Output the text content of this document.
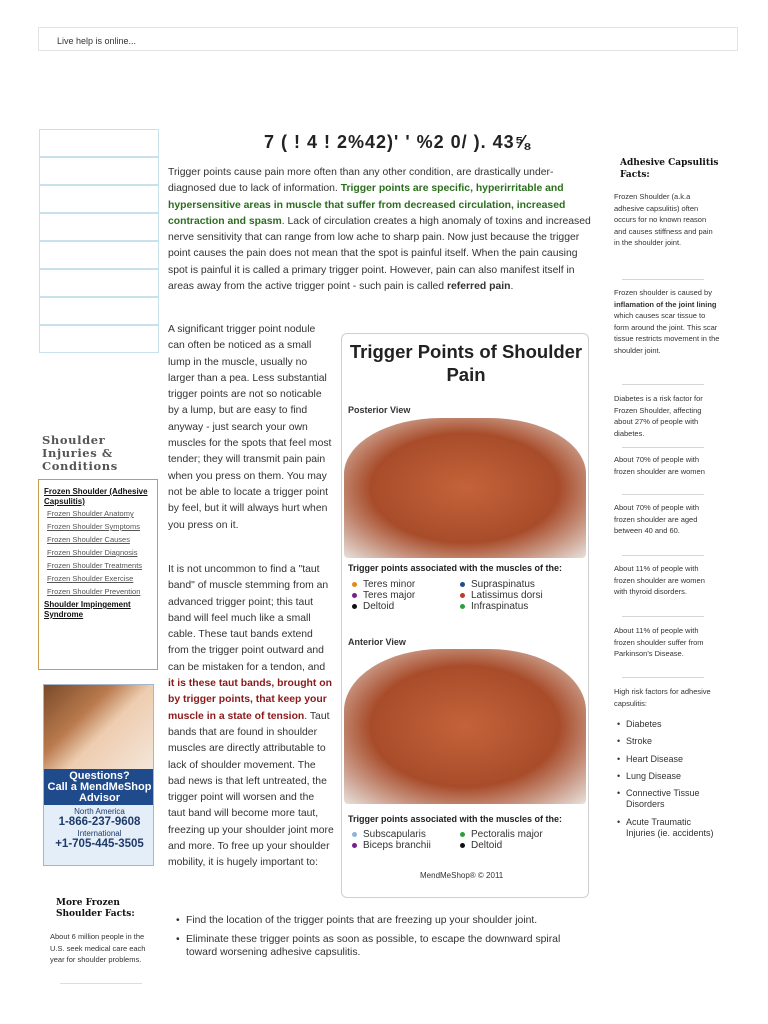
Live help is online...
Shoulder Injuries & Conditions
Frozen Shoulder (Adhesive Capsulitis)
Frozen Shoulder Anatomy
Frozen Shoulder Symptoms
Frozen Shoulder Causes
Frozen Shoulder Diagnosis
Frozen Shoulder Treatments
Frozen Shoulder Exercise
Frozen Shoulder Prevention
Shoulder Impingement Syndrome
Questions?
Call a MendMeShop
Advisor
North America
1-866-237-9608
International
+1-705-445-3505
More Frozen Shoulder Facts:
About 6 million people in the U.S. seek medical care each year for shoulder problems.
7 ( ! 4 ! 2%42)' ' %2 0/ ). 43⅝
Trigger points cause pain more often than any other condition, are drastically under-diagnosed due to lack of information. Trigger points are specific, hyperirritable and hypersensitive areas in muscle that suffer from decreased circulation, increased contraction and spasm. Lack of circulation creates a high anomaly of toxins and increased nerve sensitivity that can range from low ache to sharp pain. Now just because the trigger point causes the pain does not mean that the spot is painful itself. When the pain causing spot is painful it is called a primary trigger point. However, pain can also manifest itself in areas away from the active trigger point - such pain is called referred pain.
A significant trigger point nodule can often be noticed as a small lump in the muscle, usually no larger than a pea. Less substantial trigger points are not so noticable by a lump, but are easy to find anyway - just search your own muscles for the spots that feel most tender; they will transmit pain pain when you press on them. You may not be able to locate a trigger point by feel, but it will always hurt when you press on it.
It is not uncommon to find a "taut band" of muscle stemming from an advanced trigger point; this taut band will feel much like a small cable. These taut bands extend from the trigger point outward and can be mistaken for a tendon, and it is these taut bands, brought on by trigger points, that keep your muscle in a state of tension. Taut bands that are found in shoulder muscles are directly attributable to lack of shoulder movement. The bad news is that left untreated, the trigger point will worsen and the taut band will become more taut, freezing up your shoulder joint more and more. To free up your shoulder mobility, it is hugely important to:
Trigger Points of Shoulder Pain
Posterior View
Trigger points associated with the muscles of the:
Teres minor
Teres major
Deltoid
Supraspinatus
Latissimus dorsi
Infraspinatus
Anterior View
Trigger points associated with the muscles of the:
Subscapularis
Biceps branchii
Pectoralis major
Deltoid
MendMeShop® © 2011
• Find the location of the trigger points that are freezing up your shoulder joint.
• Eliminate these trigger points as soon as possible, to escape the downward spiral toward worsening adhesive capsulitis.
Adhesive Capsulitis Facts:
Frozen Shoulder (a.k.a adhesive capsulitis) often occurs for no known reason and causes stiffness and pain in the shoulder joint.
Frozen shoulder is caused by inflamation of the joint lining which causes scar tissue to form around the joint. This scar tissue restricts movement in the shoulder joint.
Diabetes is a risk factor for Frozen Shoulder, affecting about 27% of people with diabetes.
About 70% of people with frozen shoulder are women
About 70% of people with frozen shoulder are aged between 40 and 60.
About 11% of people with frozen shoulder are women with thyroid disorders.
About 11% of people with frozen shoulder suffer from Parkinson's Disease.
High risk factors for adhesive capsulitis:
• Diabetes
• Stroke
• Heart Disease
• Lung Disease
• Connective Tissue Disorders
• Acute Traumatic Injuries (ie. accidents)
